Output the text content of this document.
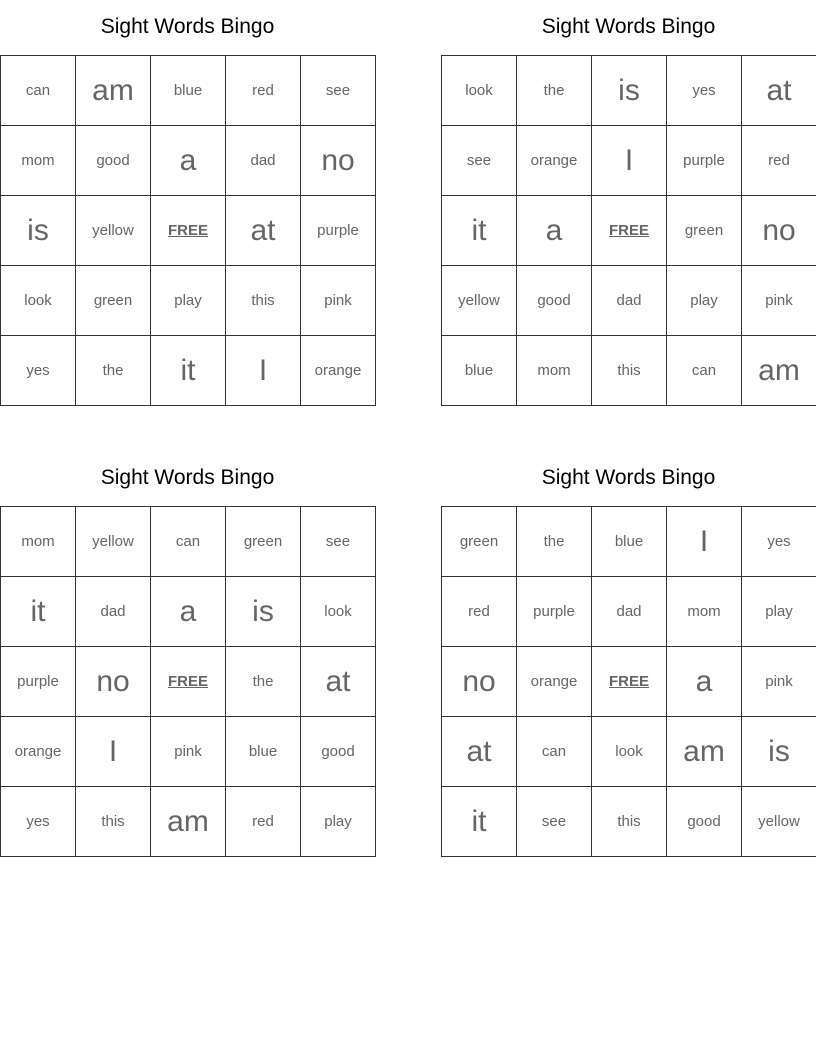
Sight Words Bingo
can	am	blue	red	see
mom	good	a	dad	no
is	yellow	FREE	at	purple
look	green	play	this	pink
yes	the	it	I	orange
Sight Words Bingo
look	the	is	yes	at
see	orange	I	purple	red
it	a	FREE	green	no
yellow	good	dad	play	pink
blue	mom	this	can	am
Sight Words Bingo
mom	yellow	can	green	see
it	dad	a	is	look
purple	no	FREE	the	at
orange	I	pink	blue	good
yes	this	am	red	play
Sight Words Bingo
green	the	blue	I	yes
red	purple	dad	mom	play
no	orange	FREE	a	pink
at	can	look	am	is
it	see	this	good	yellow
